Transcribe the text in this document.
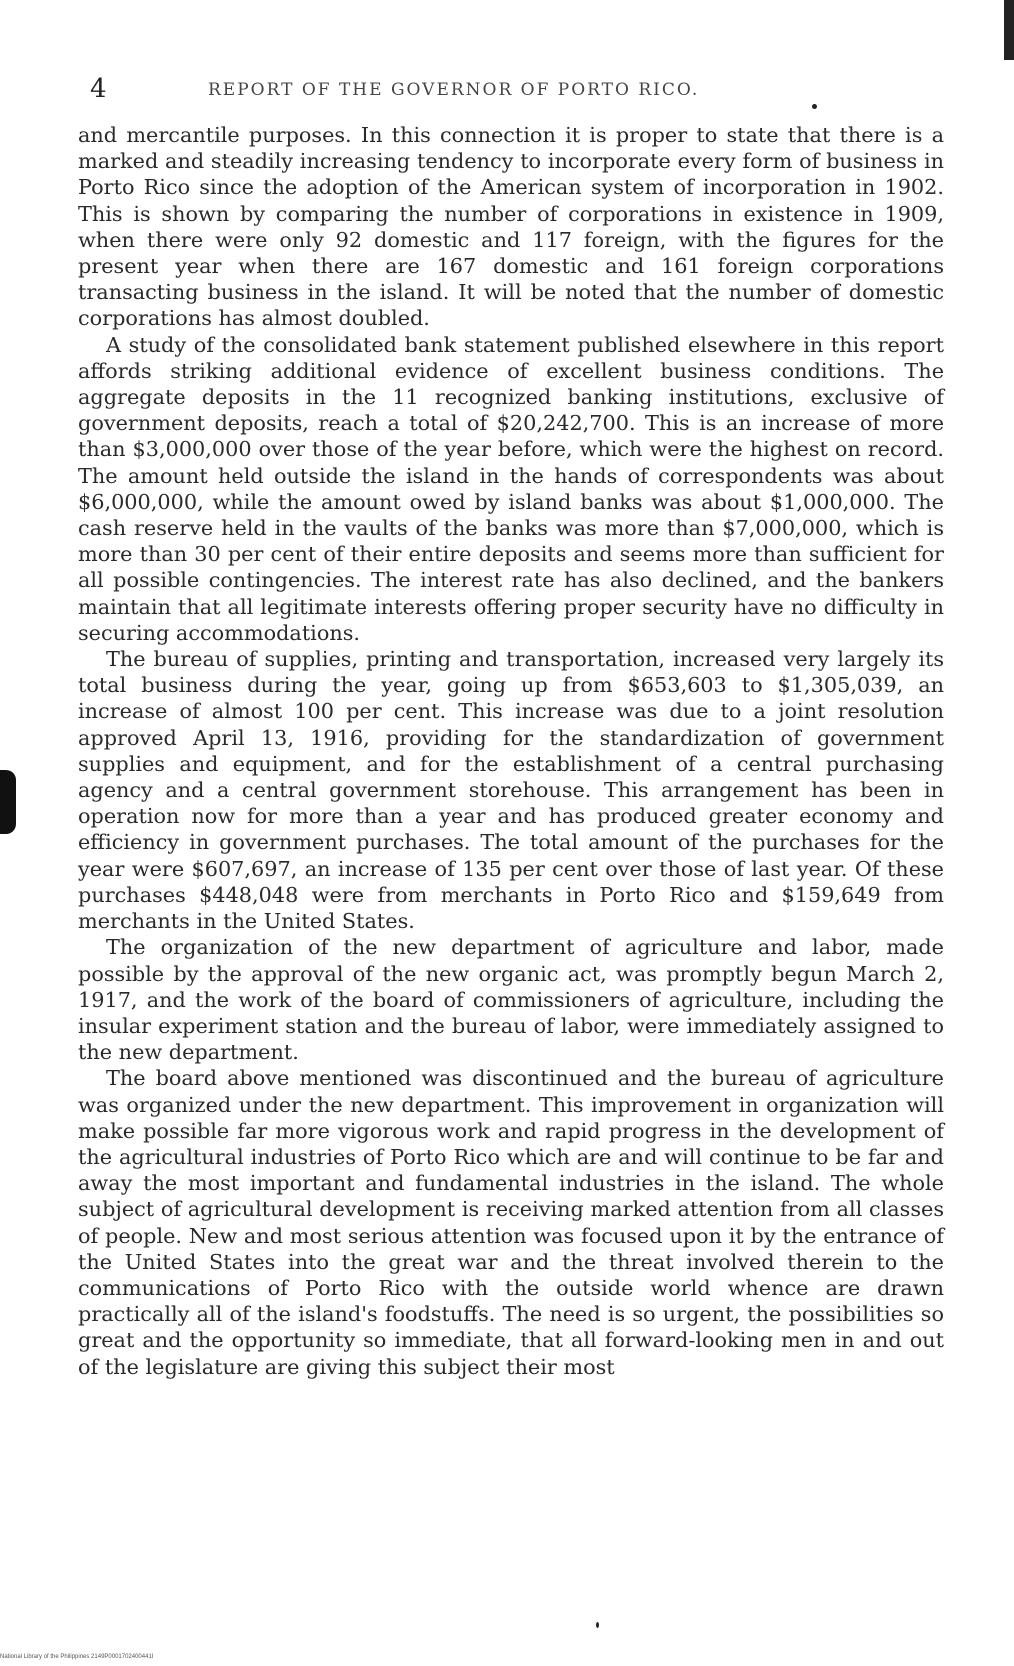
4	REPORT OF THE GOVERNOR OF PORTO RICO.

and mercantile purposes. In this connection it is proper to state that there is a marked and steadily increasing tendency to incorporate every form of business in Porto Rico since the adoption of the American system of incorporation in 1902. This is shown by comparing the number of corporations in existence in 1909, when there were only 92 domestic and 117 foreign, with the figures for the present year when there are 167 domestic and 161 foreign corporations transacting business in the island. It will be noted that the number of domestic corporations has almost doubled.

A study of the consolidated bank statement published elsewhere in this report affords striking additional evidence of excellent business conditions. The aggregate deposits in the 11 recognized banking institutions, exclusive of government deposits, reach a total of $20,242,700. This is an increase of more than $3,000,000 over those of the year before, which were the highest on record. The amount held outside the island in the hands of correspondents was about $6,000,000, while the amount owed by island banks was about $1,000,000. The cash reserve held in the vaults of the banks was more than $7,000,000, which is more than 30 per cent of their entire deposits and seems more than sufficient for all possible contingencies. The interest rate has also declined, and the bankers maintain that all legitimate interests offering proper security have no difficulty in securing accommodations.

The bureau of supplies, printing and transportation, increased very largely its total business during the year, going up from $653,603 to $1,305,039, an increase of almost 100 per cent. This increase was due to a joint resolution approved April 13, 1916, providing for the standardization of government supplies and equipment, and for the establishment of a central purchasing agency and a central government storehouse. This arrangement has been in operation now for more than a year and has produced greater economy and efficiency in government purchases. The total amount of the purchases for the year were $607,697, an increase of 135 per cent over those of last year. Of these purchases $448,048 were from merchants in Porto Rico and $159,649 from merchants in the United States.

The organization of the new department of agriculture and labor, made possible by the approval of the new organic act, was promptly begun March 2, 1917, and the work of the board of commissioners of agriculture, including the insular experiment station and the bureau of labor, were immediately assigned to the new department.

The board above mentioned was discontinued and the bureau of agriculture was organized under the new department. This improvement in organization will make possible far more vigorous work and rapid progress in the development of the agricultural industries of Porto Rico which are and will continue to be far and away the most important and fundamental industries in the island. The whole subject of agricultural development is receiving marked attention from all classes of people. New and most serious attention was focused upon it by the entrance of the United States into the great war and the threat involved therein to the communications of Porto Rico with the outside world whence are drawn practically all of the island's foodstuffs. The need is so urgent, the possibilities so great and the opportunity so immediate, that all forward-looking men in and out of the legislature are giving this subject their most

National Library of the Philippines 2149P0001702400441I
